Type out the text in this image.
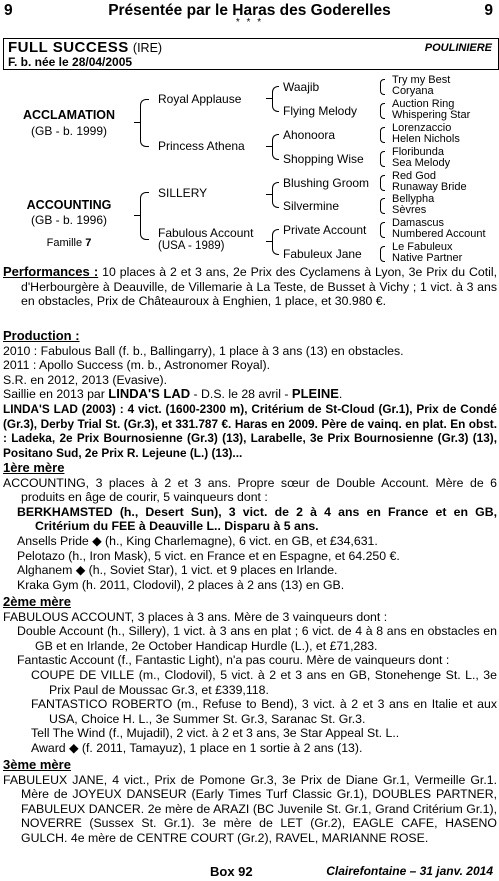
9	Présentée par le Haras des Goderelles	9
* * *
FULL SUCCESS (IRE)	POULINIERE
F. b. née le 28/04/2005
ACCLAMATION
(GB - b. 1999)
ACCOUNTING
(GB - b. 1996)
Famille 7
Royal Applause
Princess Athena
SILLERY
Fabulous Account
(USA - 1989)
Waajib
Flying Melody
Ahonoora
Shopping Wise
Blushing Groom
Silvermine
Private Account
Fabuleux Jane
Try my Best
Coryana
Auction Ring
Whispering Star
Lorenzaccio
Helen Nichols
Floribunda
Sea Melody
Red God
Runaway Bride
Bellypha
Sèvres
Damascus
Numbered Account
Le Fabuleux
Native Partner

Performances : 10 places à 2 et 3 ans, 2e Prix des Cyclamens à Lyon, 3e Prix du Cotil, d'Herbourgère à Deauville, de Villemarie à La Teste, de Busset à Vichy ; 1 vict. à 3 ans en obstacles, Prix de Châteauroux à Enghien, 1 place, et 30.980 €.

Production :

2010 : Fabulous Ball (f. b., Ballingarry), 1 place à 3 ans (13) en obstacles.

2011 : Apollo Success (m. b., Astronomer Royal).

S.R. en 2012, 2013 (Evasive).

Saillie en 2013 par LINDA'S LAD - D.S. le 28 avril - PLEINE.

LINDA'S LAD (2003) : 4 vict. (1600-2300 m), Critérium de St-Cloud (Gr.1), Prix de Condé (Gr.3), Derby Trial St. (Gr.3), et 331.787 €. Haras en 2009. Père de vainq. en plat. En obst. : Ladeka, 2e Prix Bournosienne (Gr.3) (13), Larabelle, 3e Prix Bournosienne (Gr.3) (13), Positano Sud, 2e Prix R. Lejeune (L.) (13)...

1ère mère

ACCOUNTING, 3 places à 2 et 3 ans. Propre sœur de Double Account. Mère de 6 produits en âge de courir, 5 vainqueurs dont :

BERKHAMSTED (h., Desert Sun), 3 vict. de 2 à 4 ans en France et en GB, Critérium du FEE à Deauville L.. Disparu à 5 ans.

Ansells Pride ◆ (h., King Charlemagne), 6 vict. en GB, et £34,631.

Pelotazo (h., Iron Mask), 5 vict. en France et en Espagne, et 64.250 €.

Alghanem ◆ (h., Soviet Star), 1 vict. et 9 places en Irlande.

Kraka Gym (h. 2011, Clodovil), 2 places à 2 ans (13) en GB.

2ème mère

FABULOUS ACCOUNT, 3 places à 3 ans. Mère de 3 vainqueurs dont :

Double Account (h., Sillery), 1 vict. à 3 ans en plat ; 6 vict. de 4 à 8 ans en obstacles en GB et en Irlande, 2e October Handicap Hurdle (L.), et £71,283.

Fantastic Account (f., Fantastic Light), n'a pas couru. Mère de vainqueurs dont :

COUPE DE VILLE (m., Clodovil), 5 vict. à 2 et 3 ans en GB, Stonehenge St. L., 3e Prix Paul de Moussac Gr.3, et £339,118.

FANTASTICO ROBERTO (m., Refuse to Bend), 3 vict. à 2 et 3 ans en Italie et aux USA, Choice H. L., 3e Summer St. Gr.3, Saranac St. Gr.3.

Tell The Wind (f., Mujadil), 2 vict. à 2 et 3 ans, 3e Star Appeal St. L..

Award ◆ (f. 2011, Tamayuz), 1 place en 1 sortie à 2 ans (13).

3ème mère

FABULEUX JANE, 4 vict., Prix de Pomone Gr.3, 3e Prix de Diane Gr.1, Vermeille Gr.1. Mère de JOYEUX DANSEUR (Early Times Turf Classic Gr.1), DOUBLES PARTNER, FABULEUX DANCER. 2e mère de ARAZI (BC Juvenile St. Gr.1, Grand Critérium Gr.1), NOVERRE (Sussex St. Gr.1). 3e mère de LET (Gr.2), EAGLE CAFE, HASENO GULCH. 4e mère de CENTRE COURT (Gr.2), RAVEL, MARIANNE ROSE.

Box 92	Clairefontaine – 31 janv. 2014
